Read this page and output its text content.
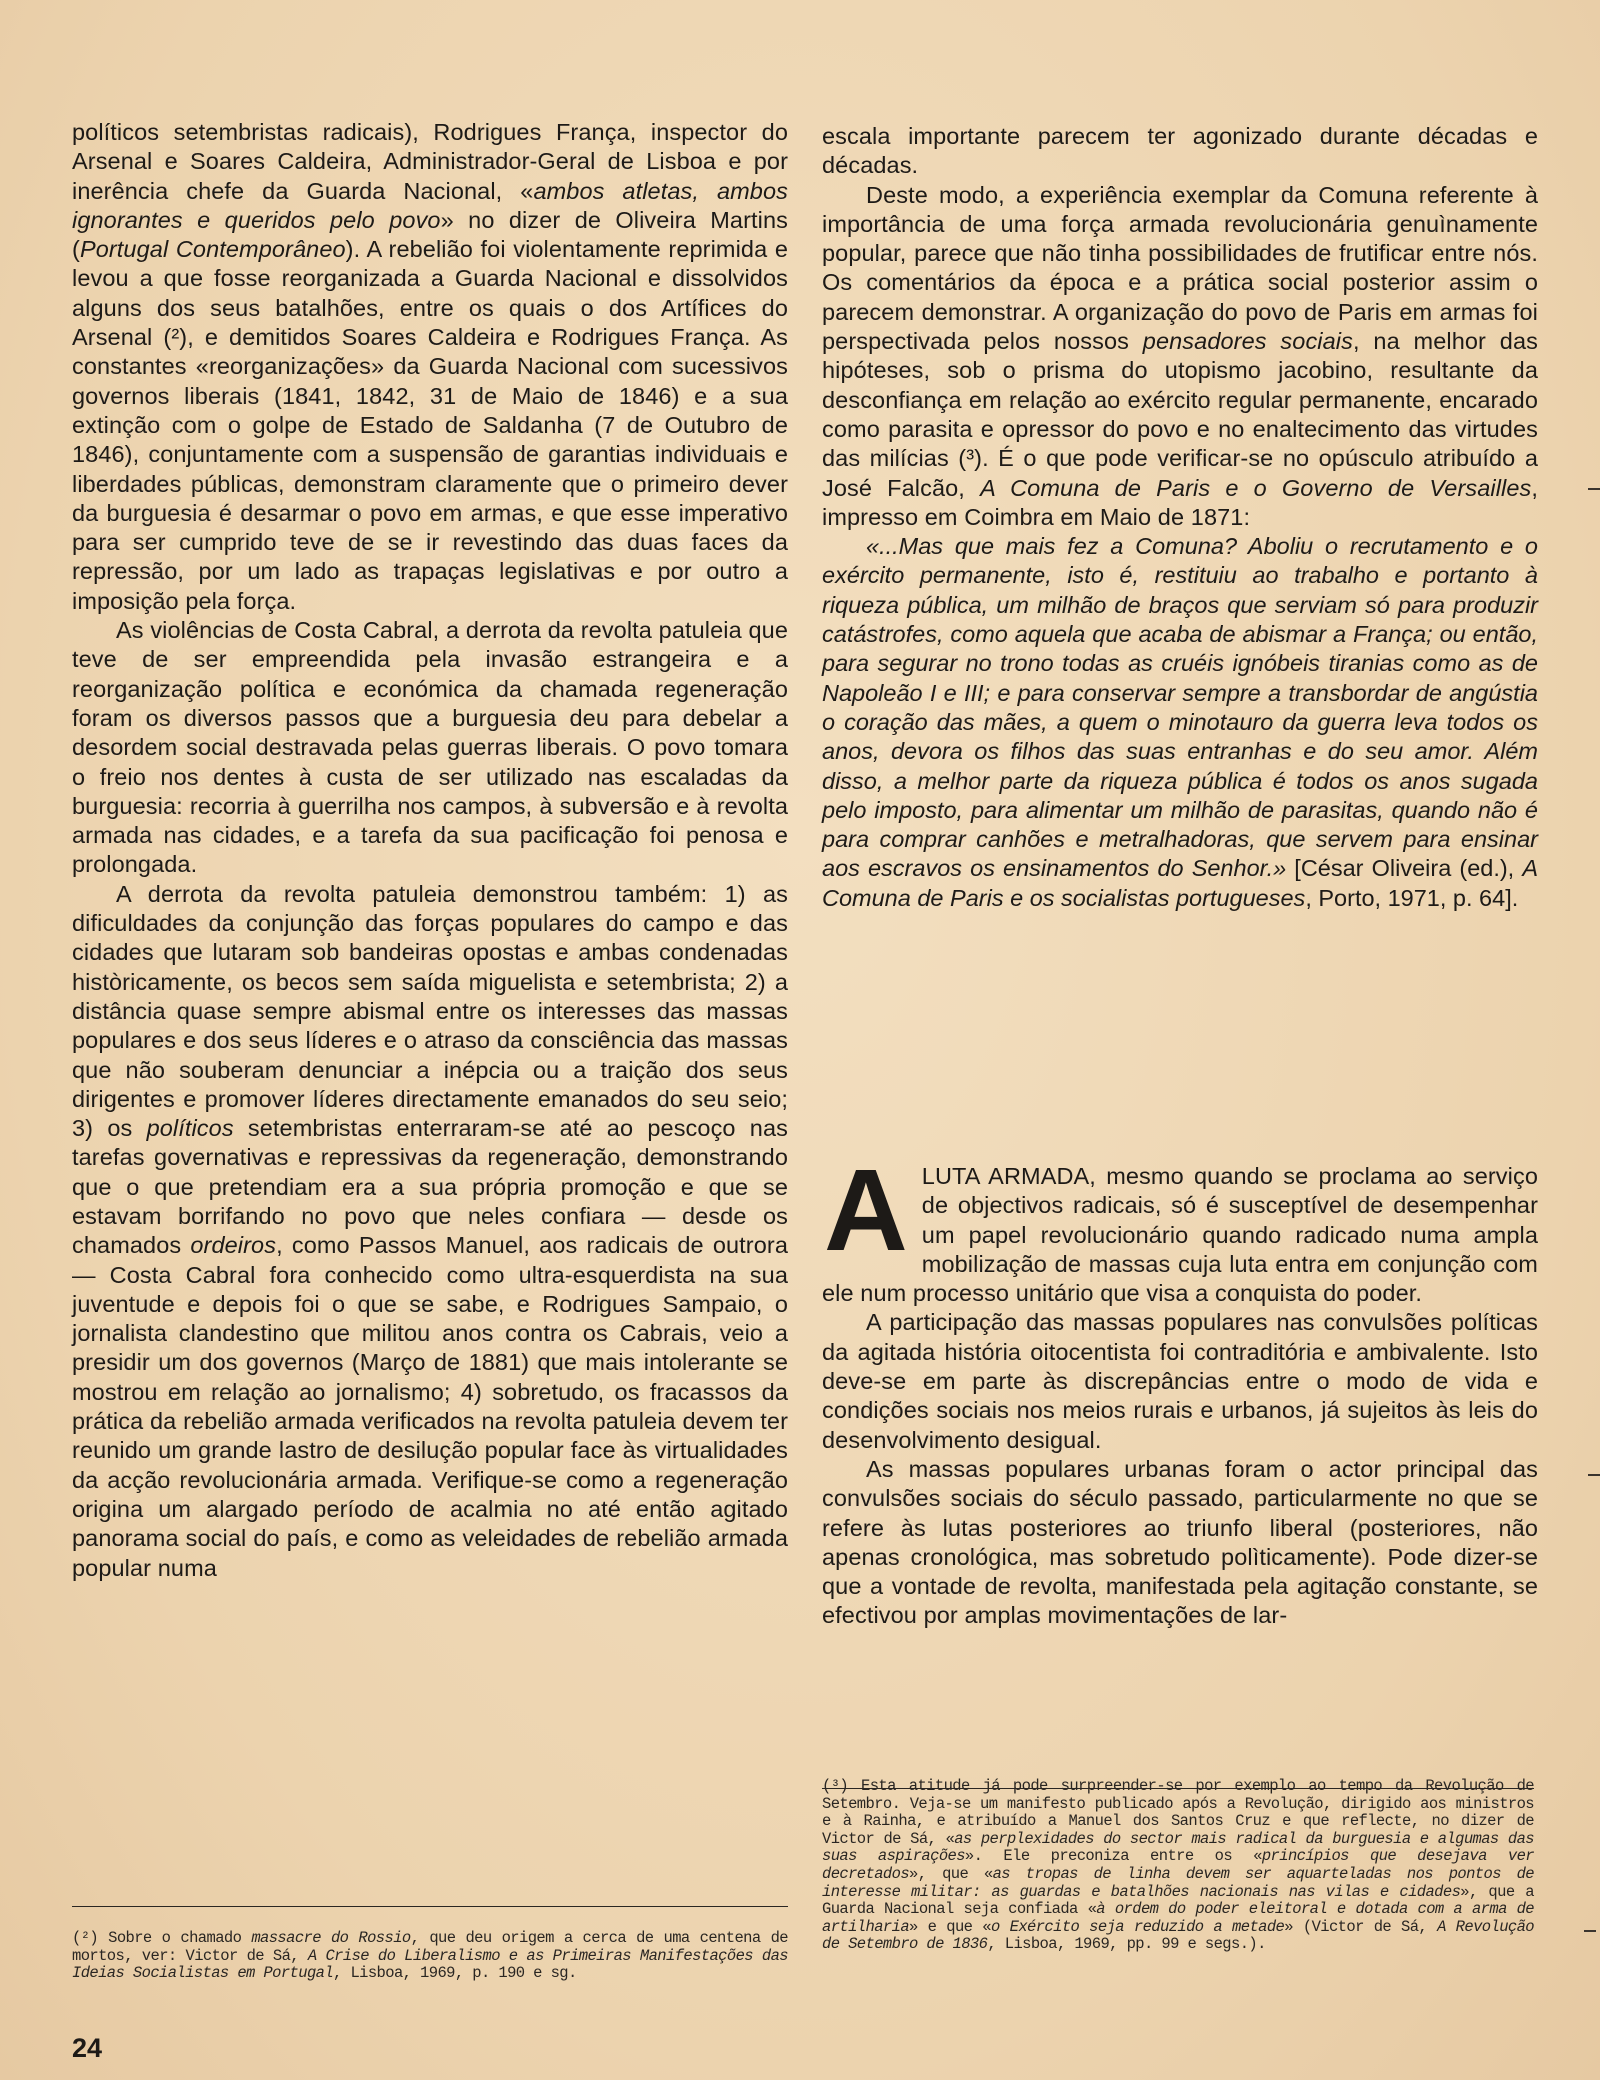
políticos setembristas radicais), Rodrigues França, inspector do Arsenal e Soares Caldeira, Administrador-Geral de Lisboa e por inerência chefe da Guarda Nacional, «ambos atletas, ambos ignorantes e queridos pelo povo» no dizer de Oliveira Martins (Portugal Contemporâneo). A rebelião foi violentamente reprimida e levou a que fosse reorganizada a Guarda Nacional e dissolvidos alguns dos seus batalhões, entre os quais o dos Artífices do Arsenal (²), e demitidos Soares Caldeira e Rodrigues França. As constantes «reorganizações» da Guarda Nacional com sucessivos governos liberais (1841, 1842, 31 de Maio de 1846) e a sua extinção com o golpe de Estado de Saldanha (7 de Outubro de 1846), conjuntamente com a suspensão de garantias individuais e liberdades públicas, demonstram claramente que o primeiro dever da burguesia é desarmar o povo em armas, e que esse imperativo para ser cumprido teve de se ir revestindo das duas faces da repressão, por um lado as trapaças legislativas e por outro a imposição pela força.

As violências de Costa Cabral, a derrota da revolta patuleia que teve de ser empreendida pela invasão estrangeira e a reorganização política e económica da chamada regeneração foram os diversos passos que a burguesia deu para debelar a desordem social destravada pelas guerras liberais. O povo tomara o freio nos dentes à custa de ser utilizado nas escaladas da burguesia: recorria à guerrilha nos campos, à subversão e à revolta armada nas cidades, e a tarefa da sua pacificação foi penosa e prolongada.

A derrota da revolta patuleia demonstrou também: 1) as dificuldades da conjunção das forças populares do campo e das cidades que lutaram sob bandeiras opostas e ambas condenadas històricamente, os becos sem saída miguelista e setembrista; 2) a distância quase sempre abismal entre os interesses das massas populares e dos seus líderes e o atraso da consciência das massas que não souberam denunciar a inépcia ou a traição dos seus dirigentes e promover líderes directamente emanados do seu seio; 3) os políticos setembristas enterraram-se até ao pescoço nas tarefas governativas e repressivas da regeneração, demonstrando que o que pretendiam era a sua própria promoção e que se estavam borrifando no povo que neles confiara — desde os chamados ordeiros, como Passos Manuel, aos radicais de outrora — Costa Cabral fora conhecido como ultra-esquerdista na sua juventude e depois foi o que se sabe, e Rodrigues Sampaio, o jornalista clandestino que militou anos contra os Cabrais, veio a presidir um dos governos (Março de 1881) que mais intolerante se mostrou em relação ao jornalismo; 4) sobretudo, os fracassos da prática da rebelião armada verificados na revolta patuleia devem ter reunido um grande lastro de desilução popular face às virtualidades da acção revolucionária armada. Verifique-se como a regeneração origina um alargado período de acalmia no até então agitado panorama social do país, e como as veleidades de rebelião armada popular numa

escala importante parecem ter agonizado durante décadas e décadas.

Deste modo, a experiência exemplar da Comuna referente à importância de uma força armada revolucionária genuìnamente popular, parece que não tinha possibilidades de frutificar entre nós. Os comentários da época e a prática social posterior assim o parecem demonstrar. A organização do povo de Paris em armas foi perspectivada pelos nossos pensadores sociais, na melhor das hipóteses, sob o prisma do utopismo jacobino, resultante da desconfiança em relação ao exército regular permanente, encarado como parasita e opressor do povo e no enaltecimento das virtudes das milícias (³). É o que pode verificar-se no opúsculo atribuído a José Falcão, A Comuna de Paris e o Governo de Versailles, impresso em Coimbra em Maio de 1871:

«...Mas que mais fez a Comuna? Aboliu o recrutamento e o exército permanente, isto é, restituiu ao trabalho e portanto à riqueza pública, um milhão de braços que serviam só para produzir catástrofes, como aquela que acaba de abismar a França; ou então, para segurar no trono todas as cruéis ignóbeis tiranias como as de Napoleão I e III; e para conservar sempre a transbordar de angústia o coração das mães, a quem o minotauro da guerra leva todos os anos, devora os filhos das suas entranhas e do seu amor. Além disso, a melhor parte da riqueza pública é todos os anos sugada pelo imposto, para alimentar um milhão de parasitas, quando não é para comprar canhões e metralhadoras, que servem para ensinar aos escravos os ensinamentos do Senhor.» [César Oliveira (ed.), A Comuna de Paris e os socialistas portugueses, Porto, 1971, p. 64].

A LUTA ARMADA, mesmo quando se proclama ao serviço de objectivos radicais, só é susceptível de desempenhar um papel revolucionário quando radicado numa ampla mobilização de massas cuja luta entra em conjunção com ele num processo unitário que visa a conquista do poder.

A participação das massas populares nas convulsões políticas da agitada história oitocentista foi contraditória e ambivalente. Isto deve-se em parte às discrepâncias entre o modo de vida e condições sociais nos meios rurais e urbanos, já sujeitos às leis do desenvolvimento desigual.

As massas populares urbanas foram o actor principal das convulsões sociais do século passado, particularmente no que se refere às lutas posteriores ao triunfo liberal (posteriores, não apenas cronológica, mas sobretudo polìticamente). Pode dizer-se que a vontade de revolta, manifestada pela agitação constante, se efectivou por amplas movimentações de lar-

(²) Sobre o chamado massacre do Rossio, que deu origem a cerca de uma centena de mortos, ver: Victor de Sá, A Crise do Liberalismo e as Primeiras Manifestações das Ideias Socialistas em Portugal, Lisboa, 1969, p. 190 e sg.

(³) Esta atitude já pode surpreender-se por exemplo ao tempo da Revolução de Setembro. Veja-se um manifesto publicado após a Revolução, dirigido aos ministros e à Rainha, e atribuído a Manuel dos Santos Cruz e que reflecte, no dizer de Victor de Sá, «as perplexidades do sector mais radical da burguesia e algumas das suas aspirações». Ele preconiza entre os «princípios que desejava ver decretados», que «as tropas de linha devem ser aquarteladas nos pontos de interesse militar: as guardas e batalhões nacionais nas vilas e cidades», que a Guarda Nacional seja confiada «à ordem do poder eleitoral e dotada com a arma de artilharia» e que «o Exército seja reduzido a metade» (Victor de Sá, A Revolução de Setembro de 1836, Lisboa, 1969, pp. 99 e segs.).

24
